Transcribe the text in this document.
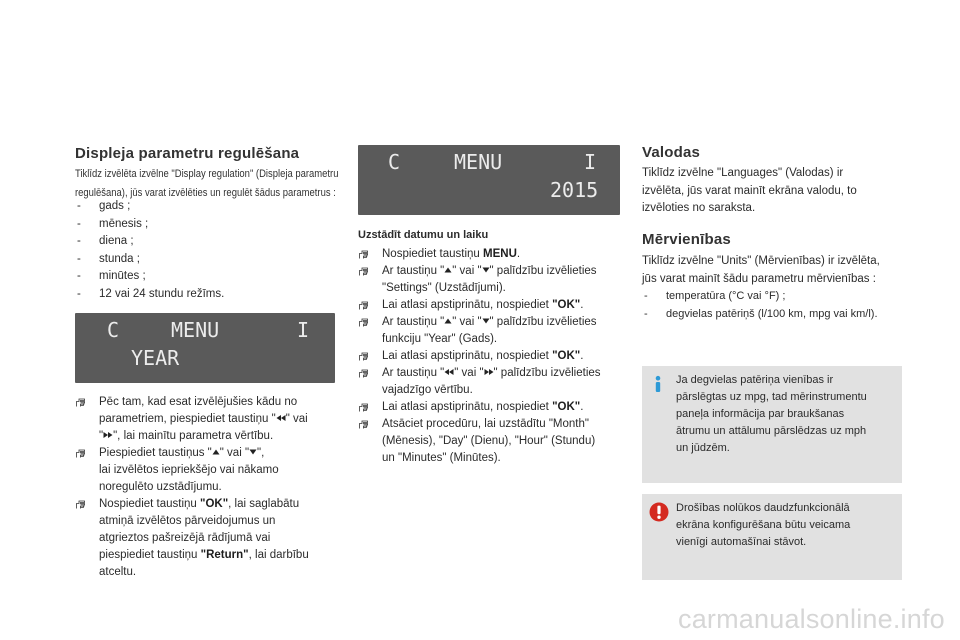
Displeja parametru regulēšana
Tiklīdz izvēlēta izvēlne "Display regulation" (Displeja parametru
regulēšana), jūs varat izvēlēties un regulēt šādus parametrus :
- gads ;
- mēnesis ;
- diena ;
- stunda ;
- minūtes ;
- 12 vai 24 stundu režīms.
C	MENU	I
YEAR
Pēc tam, kad esat izvēlējušies kādu no
parametriem, piespiediet taustiņu " " vai
" ", lai mainītu parametra vērtību.
Piespiediet taustiņus " " vai " ",
lai izvēlētos iepriekšējo vai nākamo
noregulēto uzstādījumu.
Nospiediet taustiņu "OK", lai saglabātu
atmiņā izvēlētos pārveidojumus un
atgrieztos pašreizējā rādījumā vai
piespiediet taustiņu "Return", lai darbību
atceltu.
C	MENU	I
2015
Uzstādīt datumu un laiku
Nospiediet taustiņu MENU.
Ar taustiņu " " vai " " palīdzību izvēlieties
"Settings" (Uzstādījumi).
Lai atlasi apstiprinātu, nospiediet "OK".
Ar taustiņu " " vai " " palīdzību izvēlieties
funkciju "Year" (Gads).
Lai atlasi apstiprinātu, nospiediet "OK".
Ar taustiņu " " vai " " palīdzību izvēlieties
vajadzīgo vērtību.
Lai atlasi apstiprinātu, nospiediet "OK".
Atsāciet procedūru, lai uzstādītu "Month"
(Mēnesis), "Day" (Dienu), "Hour" (Stundu)
un "Minutes" (Minūtes).
Valodas
Tiklīdz izvēlne "Languages" (Valodas) ir
izvēlēta, jūs varat mainīt ekrāna valodu, to
izvēloties no saraksta.
Mērvienības
Tiklīdz izvēlne "Units" (Mērvienības) ir izvēlēta,
jūs varat mainīt šādu parametru mērvienības :
- temperatūra (°C vai °F) ;
- degvielas patēriņš (l/100 km, mpg vai km/l).
Ja degvielas patēriņa vienības ir
pārslēgtas uz mpg, tad mērinstrumentu
paneļa informācija par braukšanas
ātrumu un attālumu pārslēdzas uz mph
un jūdzēm.
Drošības nolūkos daudzfunkcionālā
ekrāna konfigurēšana būtu veicama
vienīgi automašīnai stāvot.
carmanualsonline.info
